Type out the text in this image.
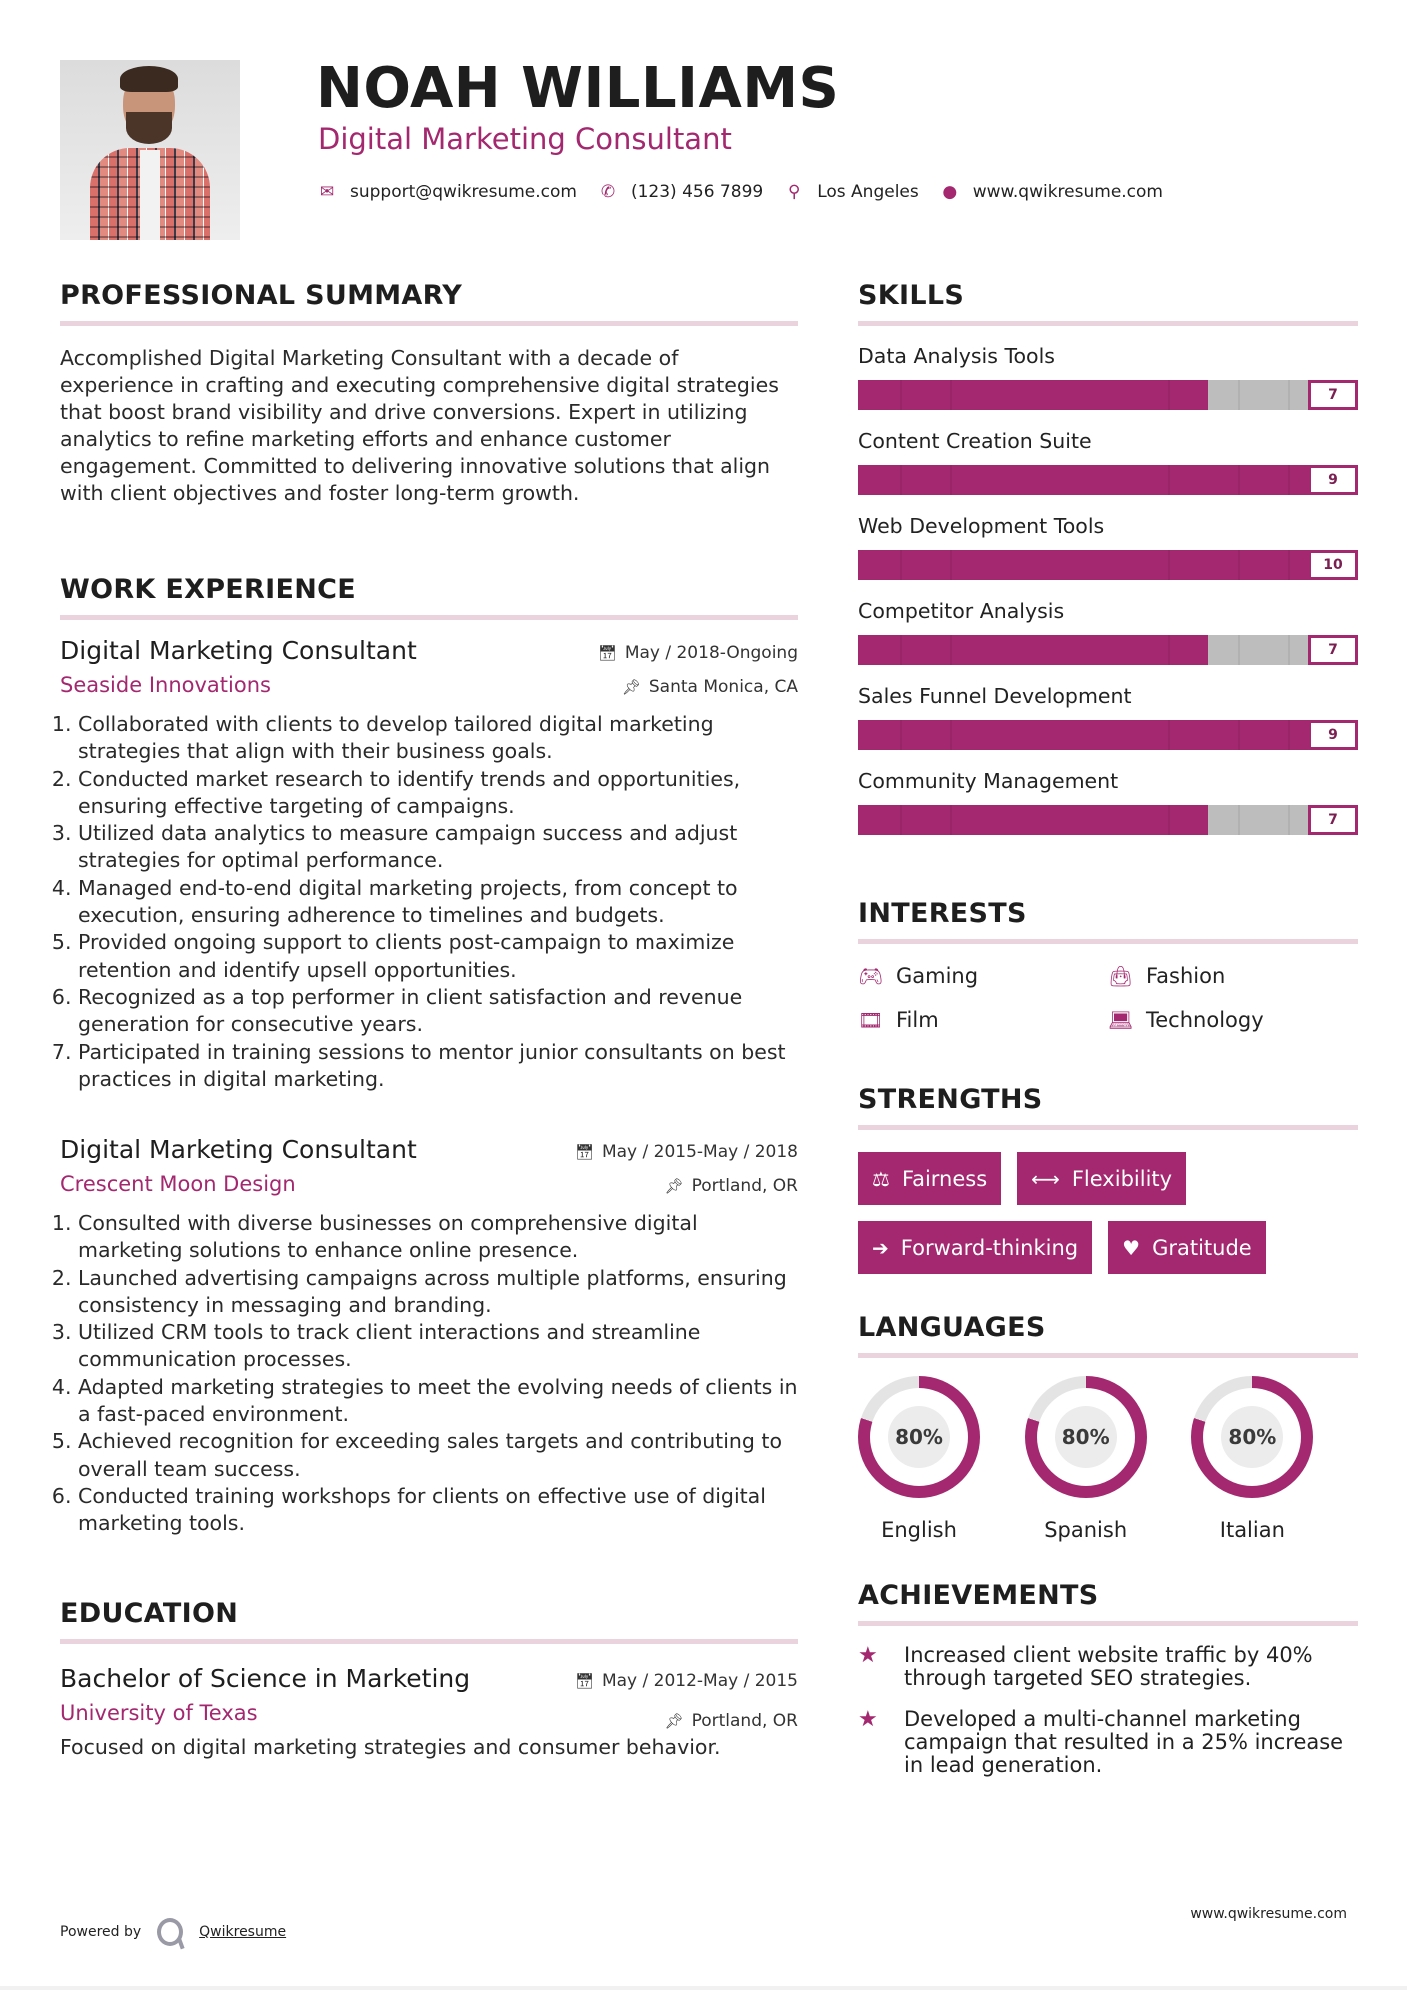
NOAH WILLIAMS
Digital Marketing Consultant
✉ support@qwikresume.com ✆ (123) 456 7899 ⚲ Los Angeles ● www.qwikresume.com
PROFESSIONAL SUMMARY
Accomplished Digital Marketing Consultant with a decade of experience in crafting and executing comprehensive digital strategies that boost brand visibility and drive conversions. Expert in utilizing analytics to refine marketing efforts and enhance customer engagement. Committed to delivering innovative solutions that align with client objectives and foster long-term growth.
WORK EXPERIENCE
📅︎ May / 2018-Ongoing
📌︎ Santa Monica, CA
Digital Marketing Consultant
Seaside Innovations
1. Collaborated with clients to develop tailored digital marketing strategies that align with their business goals.
2. Conducted market research to identify trends and opportunities, ensuring effective targeting of campaigns.
3. Utilized data analytics to measure campaign success and adjust strategies for optimal performance.
4. Managed end-to-end digital marketing projects, from concept to execution, ensuring adherence to timelines and budgets.
5. Provided ongoing support to clients post-campaign to maximize retention and identify upsell opportunities.
6. Recognized as a top performer in client satisfaction and revenue generation for consecutive years.
7. Participated in training sessions to mentor junior consultants on best practices in digital marketing.
📅︎ May / 2015-May / 2018
📌︎ Portland, OR
Digital Marketing Consultant
Crescent Moon Design
1. Consulted with diverse businesses on comprehensive digital marketing solutions to enhance online presence.
2. Launched advertising campaigns across multiple platforms, ensuring consistency in messaging and branding.
3. Utilized CRM tools to track client interactions and streamline communication processes.
4. Adapted marketing strategies to meet the evolving needs of clients in a fast-paced environment.
5. Achieved recognition for exceeding sales targets and contributing to overall team success.
6. Conducted training workshops for clients on effective use of digital marketing tools.
EDUCATION
📅︎ May / 2012-May / 2015
📌︎ Portland, OR
Bachelor of Science in Marketing
University of Texas
Focused on digital marketing strategies and consumer behavior.
SKILLS
Data Analysis Tools
7
Content Creation Suite
9
Web Development Tools
10
Competitor Analysis
7
Sales Funnel Development
9
Community Management
7
INTERESTS
🎮︎ Gaming	👜︎ Fashion
🎞︎ Film	💻︎ Technology
STRENGTHS
⚖ Fairness ⟷ Flexibility
➔ Forward-thinking ♥ Gratitude
LANGUAGES
80%
English
80%
Spanish
80%
Italian
ACHIEVEMENTS
★	Increased client website traffic by 40% through targeted SEO strategies.
★	Developed a multi-channel marketing campaign that resulted in a 25% increase in lead generation.
Powered by	Qwikresume
www.qwikresume.com
